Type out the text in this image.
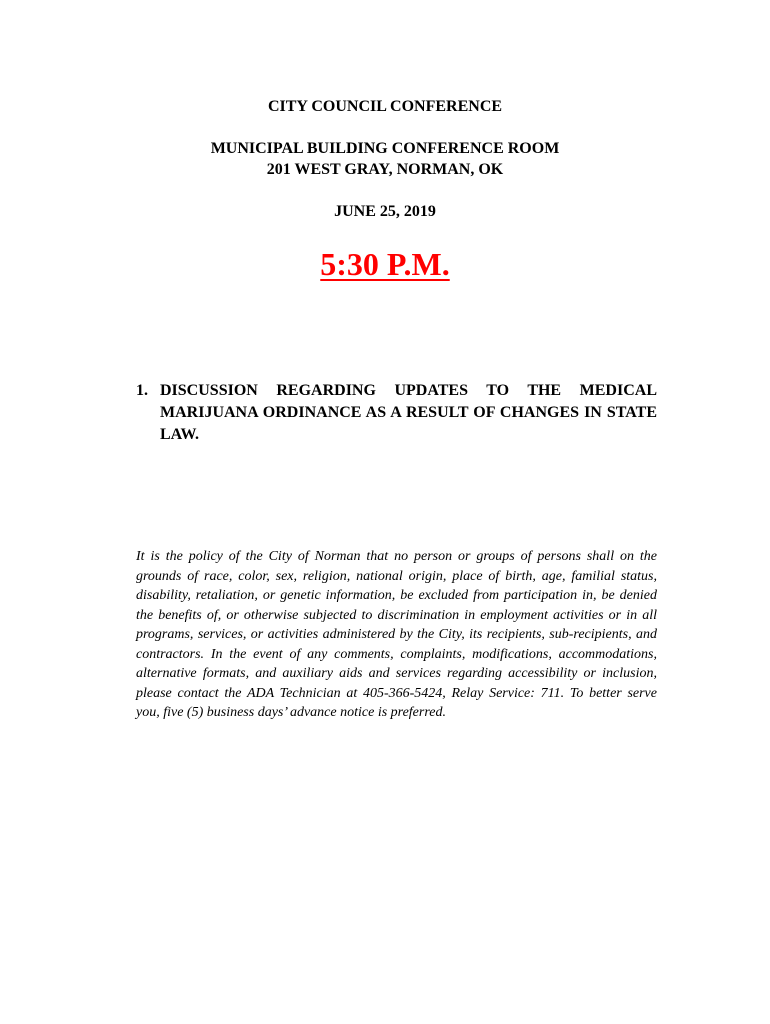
CITY COUNCIL CONFERENCE
MUNICIPAL BUILDING CONFERENCE ROOM
201 WEST GRAY, NORMAN, OK
JUNE 25, 2019
5:30 P.M.
1. DISCUSSION REGARDING UPDATES TO THE MEDICAL MARIJUANA ORDINANCE AS A RESULT OF CHANGES IN STATE LAW.
It is the policy of the City of Norman that no person or groups of persons shall on the grounds of race, color, sex, religion, national origin, place of birth, age, familial status, disability, retaliation, or genetic information, be excluded from participation in, be denied the benefits of, or otherwise subjected to discrimination in employment activities or in all programs, services, or activities administered by the City, its recipients, sub-recipients, and contractors. In the event of any comments, complaints, modifications, accommodations, alternative formats, and auxiliary aids and services regarding accessibility or inclusion, please contact the ADA Technician at 405-366-5424, Relay Service: 711. To better serve you, five (5) business days’ advance notice is preferred.
